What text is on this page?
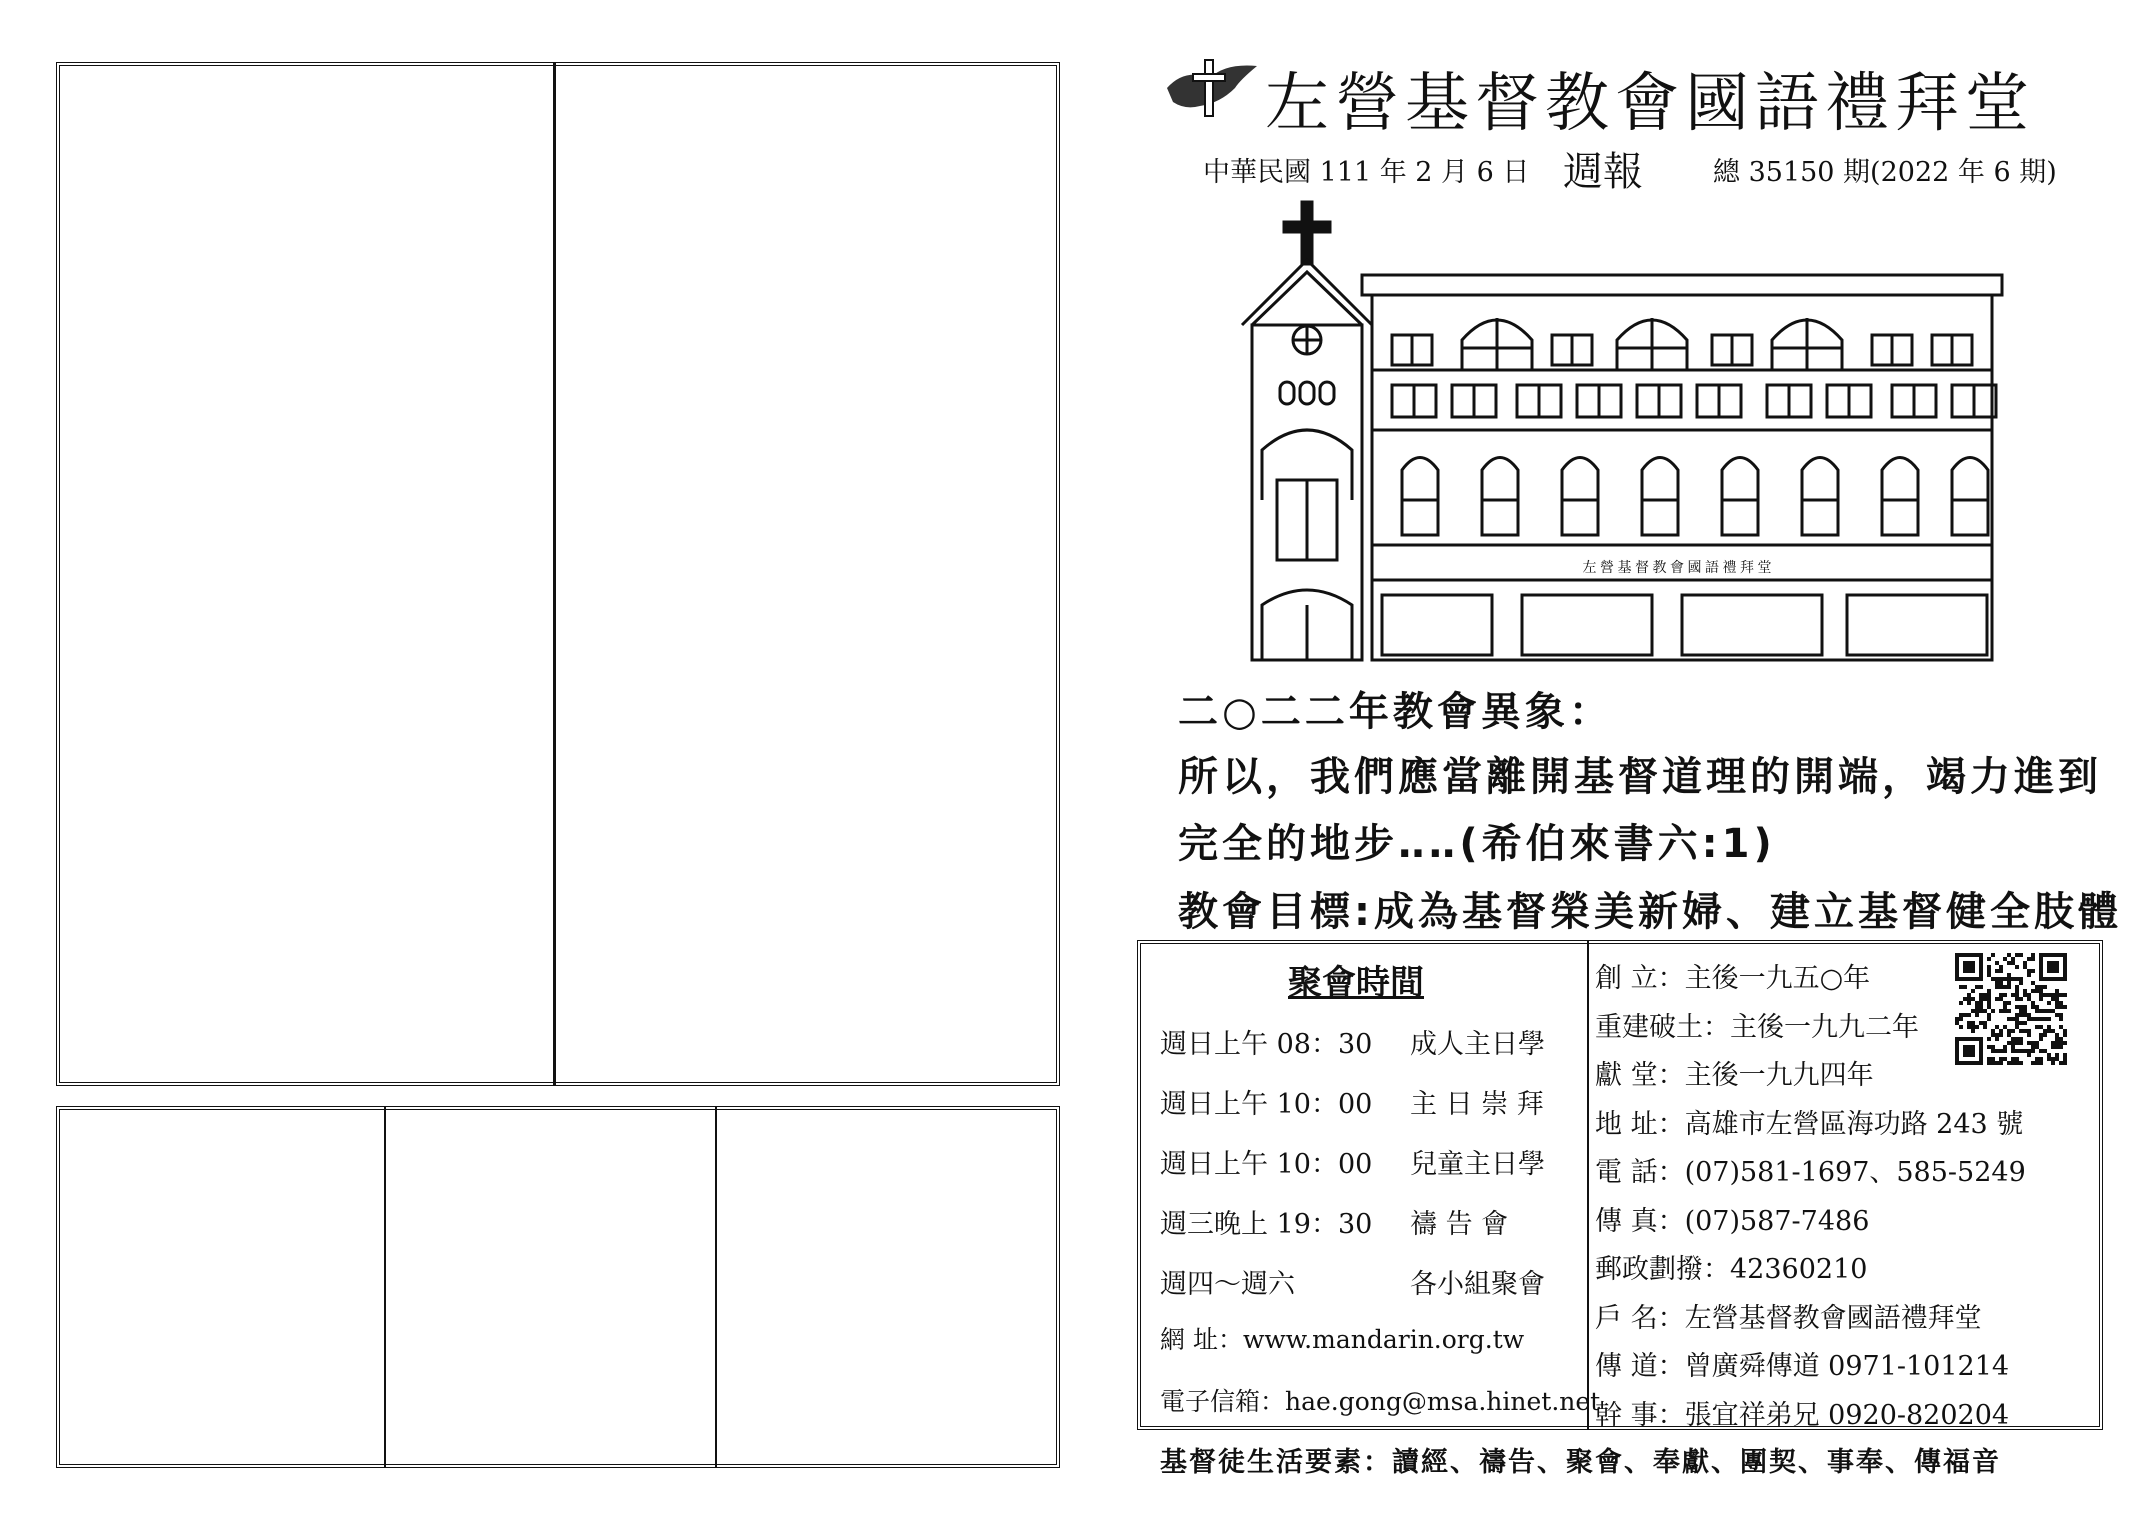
左營基督教會國語禮拜堂
中華民國 111 年 2 月 6 日 週報	總 35150 期(2022 年 6 期)
左 營 基 督 教 會 國 語 禮 拜 堂
二○二二年教會異象：
所以，我們應當離開基督道理的開端，竭力進到
完全的地步‥‥(希伯來書六:1)
教會目標:成為基督榮美新婦、建立基督健全肢體
聚會時間
週日上午 08：30 成人主日學
週日上午 10：00 主 日 崇 拜
週日上午 10：00 兒童主日學
週三晚上 19：30 禱 告 會
週四～週六	各小組聚會
網 址：www.mandarin.org.tw
電子信箱：hae.gong@msa.hinet.net
創 立：主後一九五○年
重建破土：主後一九九二年
獻 堂：主後一九九四年
地 址：高雄市左營區海功路 243 號
電 話：(07)581-1697、585-5249
傳 真：(07)587-7486
郵政劃撥：42360210
戶 名：左營基督教會國語禮拜堂
傳 道：曾廣舜傳道 0971-101214
幹 事：張宜祥弟兄 0920-820204
基督徒生活要素：讀經、禱告、聚會、奉獻、團契、事奉、傳福音
